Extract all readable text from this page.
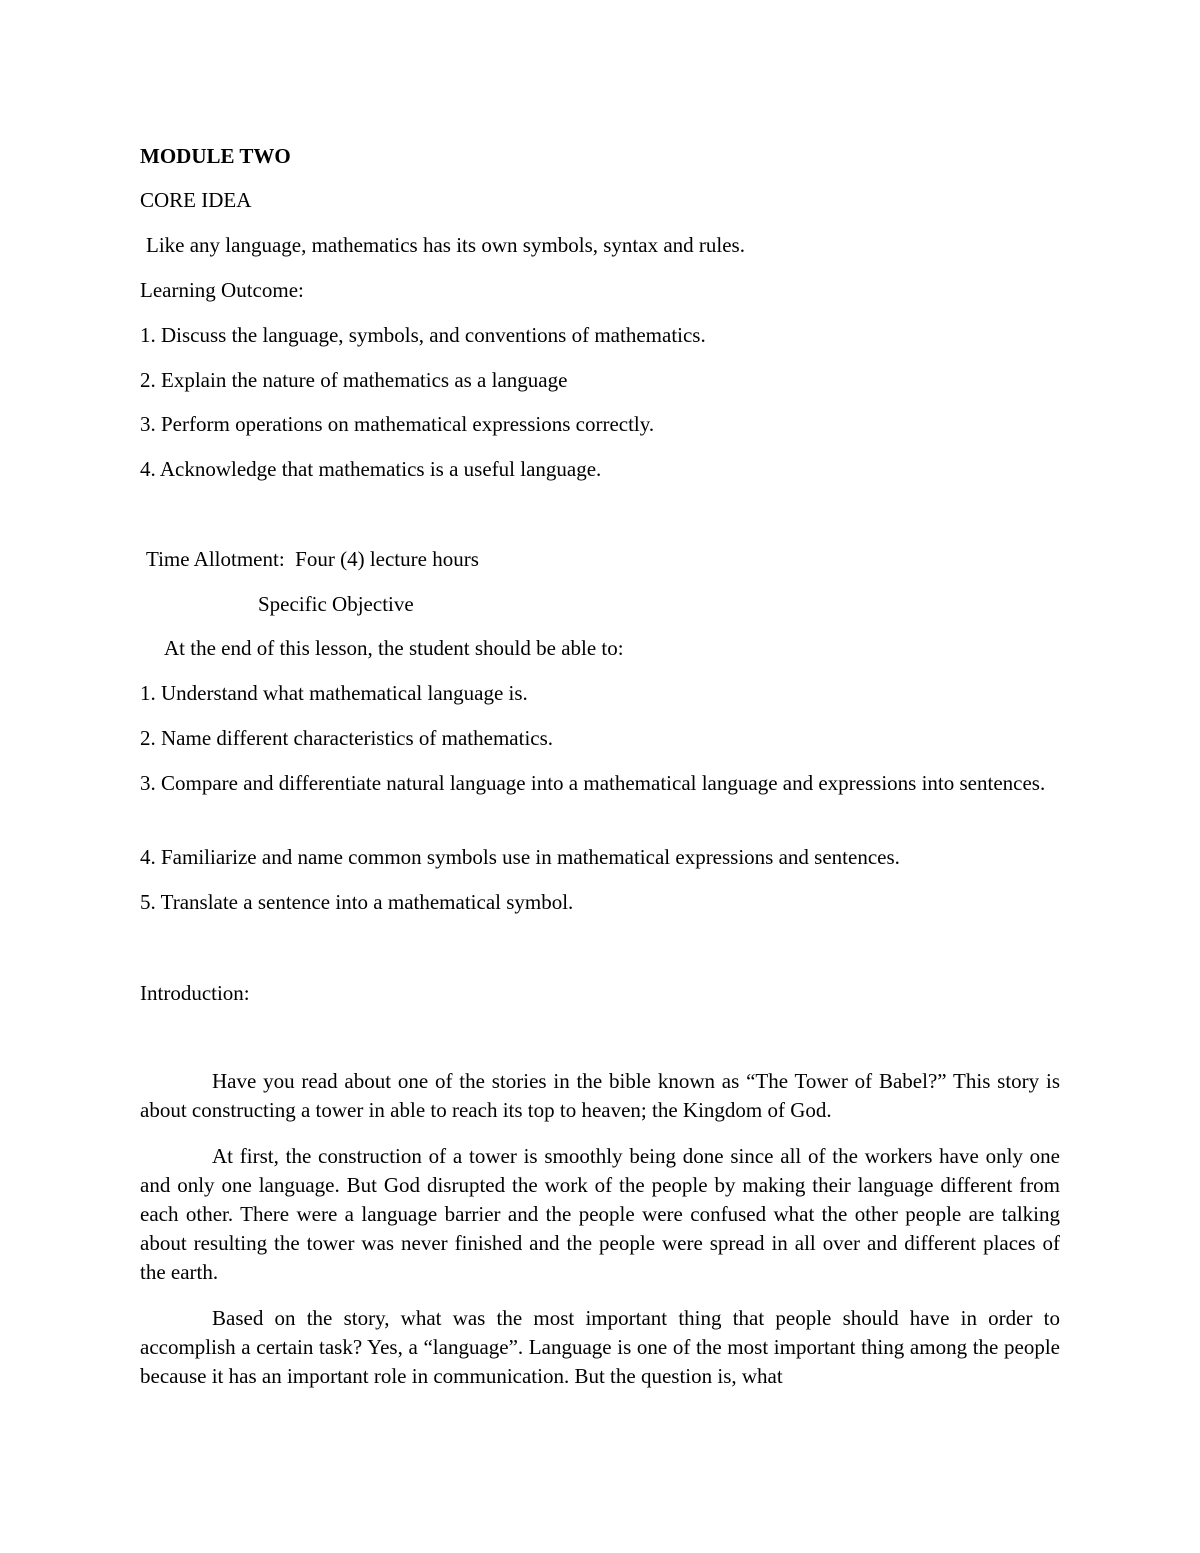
MODULE TWO

CORE IDEA

Like any language, mathematics has its own symbols, syntax and rules.

Learning Outcome:

1. Discuss the language, symbols, and conventions of mathematics.

2. Explain the nature of mathematics as a language

3. Perform operations on mathematical expressions correctly.

4. Acknowledge that mathematics is a useful language.

Time Allotment:  Four (4) lecture hours

Specific Objective

At the end of this lesson, the student should be able to:

1. Understand what mathematical language is.

2. Name different characteristics of mathematics.

3. Compare and differentiate natural language into a mathematical language and expressions into sentences.

4. Familiarize and name common symbols use in mathematical expressions and sentences.

5. Translate a sentence into a mathematical symbol.

Introduction:

Have you read about one of the stories in the bible known as “The Tower of Babel?” This story is about constructing a tower in able to reach its top to heaven; the Kingdom of God.

At first, the construction of a tower is smoothly being done since all of the workers have only one and only one language. But God disrupted the work of the people by making their language different from each other. There were a language barrier and the people were confused what the other people are talking about resulting the tower was never finished and the people were spread in all over and different places of the earth.

Based on the story, what was the most important thing that people should have in order to accomplish a certain task? Yes, a “language”. Language is one of the most important thing among the people because it has an important role in communication. But the question is, what
